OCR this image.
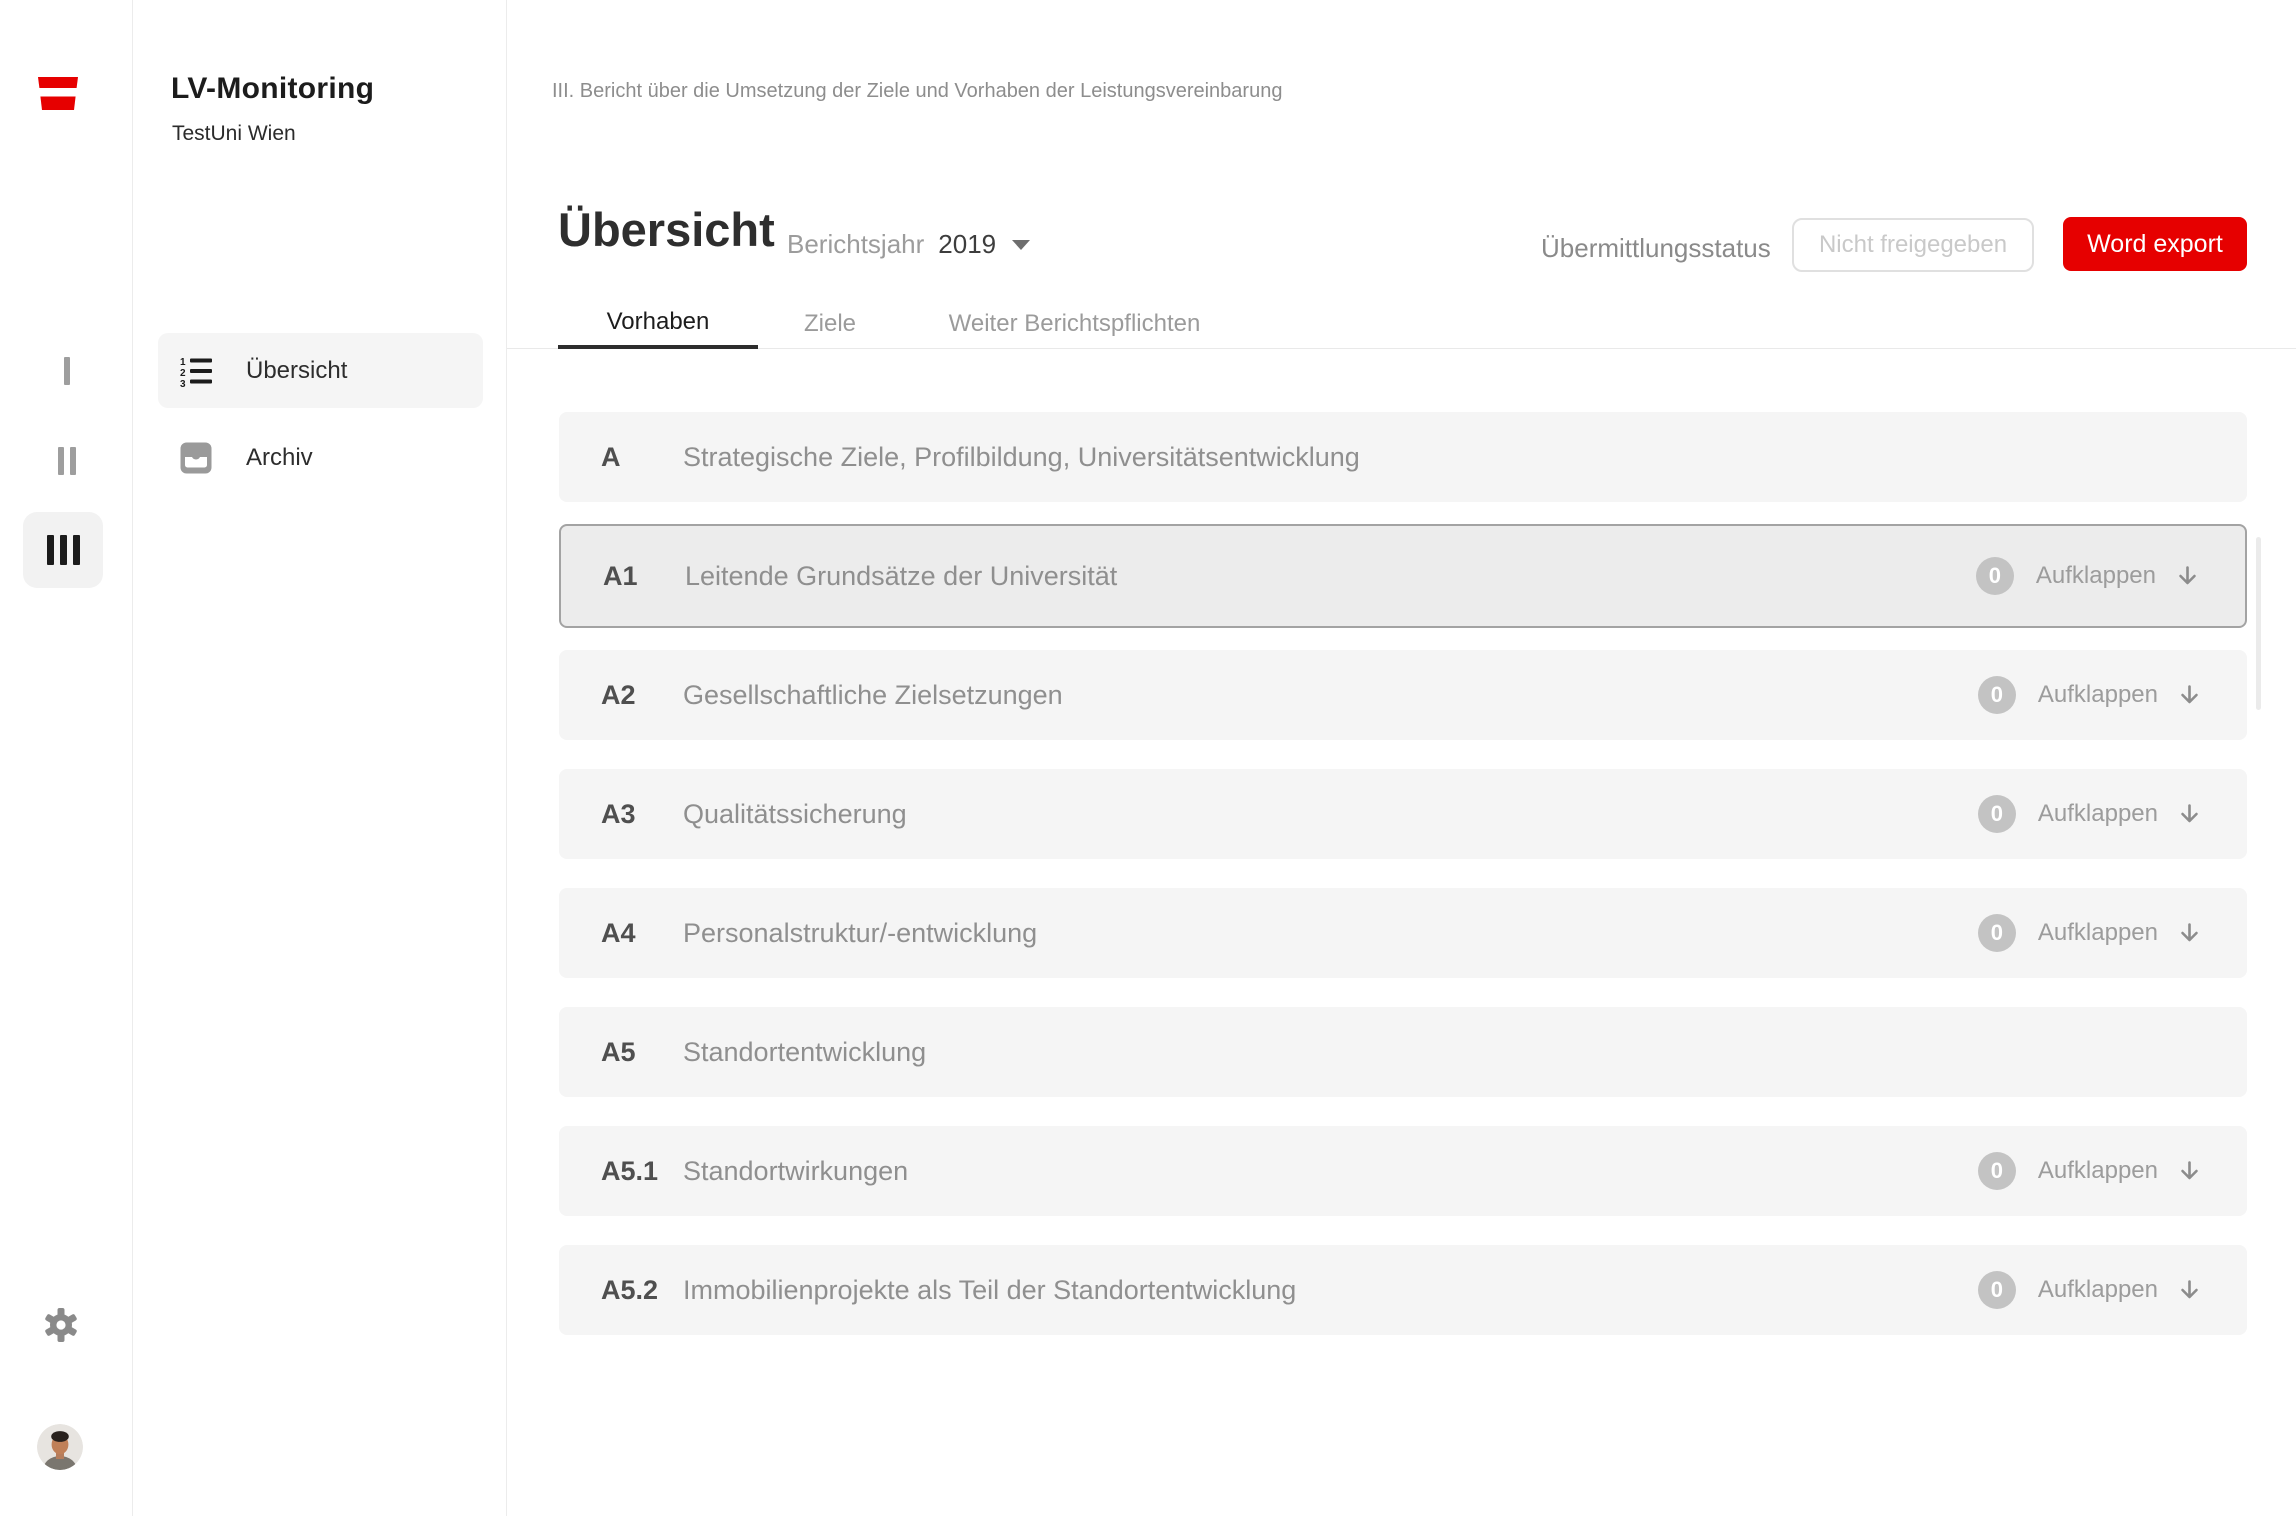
LV-Monitoring
TestUni Wien
1
2
3
Übersicht
Archiv
III. Bericht über die Umsetzung der Ziele und Vorhaben der Leistungsvereinbarung
Übersicht Berichtsjahr 2019	Übermittlungsstatus	Nicht freigegeben	Word export
Vorhaben	Ziele	Weiter Berichtspflichten
A	Strategische Ziele, Profilbildung, Universitätsentwicklung
A1	Leitende Grundsätze der Universität	0	Aufklappen
A2	Gesellschaftliche Zielsetzungen	0	Aufklappen
A3	Qualitätssicherung	0	Aufklappen
A4	Personalstruktur/-entwicklung	0	Aufklappen
A5	Standortentwicklung
A5.1 Standortwirkungen	0	Aufklappen
A5.2 Immobilienprojekte als Teil der Standortentwicklung	0	Aufklappen
